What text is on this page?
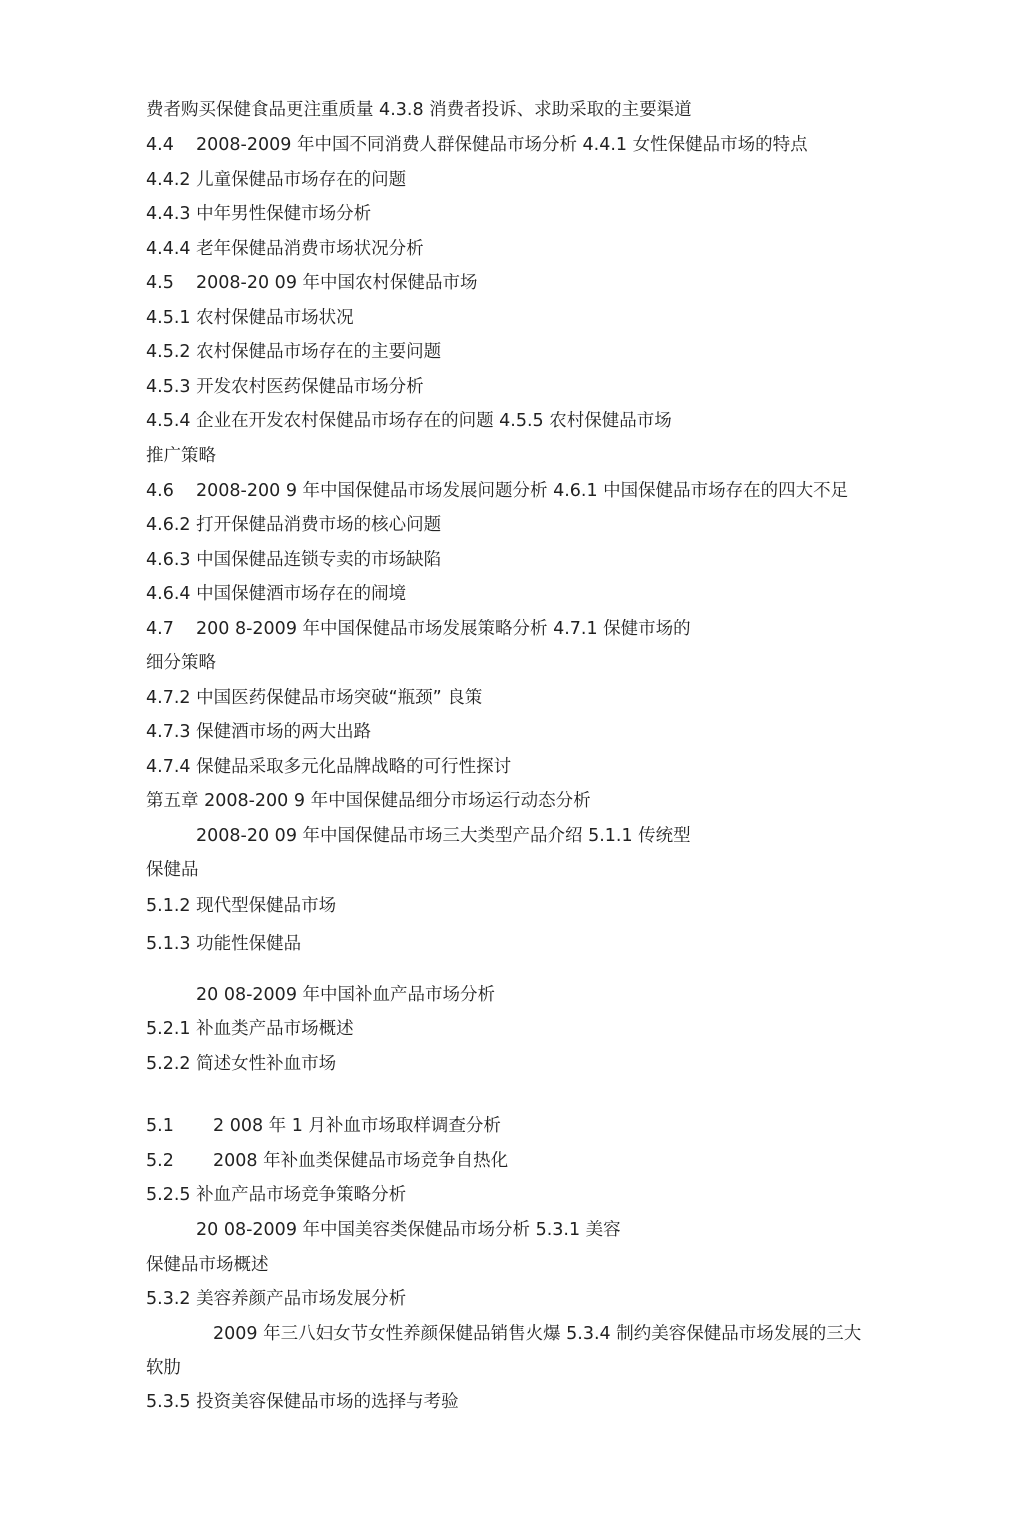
费者购买保健食品更注重质量 4.3.8 消费者投诉、求助采取的主要渠道
4.4 2008-2009 年中国不同消费人群保健品市场分析 4.4.1 女性保健品市场的特点
4.4.2 儿童保健品市场存在的问题
4.4.3 中年男性保健市场分析
4.4.4 老年保健品消费市场状况分析
4.5 2008-20 09 年中国农村保健品市场
4.5.1 农村保健品市场状况
4.5.2 农村保健品市场存在的主要问题
4.5.3 开发农村医药保健品市场分析
4.5.4 企业在开发农村保健品市场存在的问题 4.5.5 农村保健品市场
推广策略
4.6 2008-200 9 年中国保健品市场发展问题分析 4.6.1 中国保健品市场存在的四大不足
4.6.2 打开保健品消费市场的核心问题
4.6.3 中国保健品连锁专卖的市场缺陷
4.6.4 中国保健酒市场存在的闹境
4.7 200 8-2009 年中国保健品市场发展策略分析 4.7.1 保健市场的
细分策略
4.7.2 中国医药保健品市场突破“瓶颈” 良策
4.7.3 保健酒市场的两大出路
4.7.4 保健品采取多元化品牌战略的可行性探讨
第五章 2008-200 9 年中国保健品细分市场运行动态分析
2008-20 09 年中国保健品市场三大类型产品介绍 5.1.1 传统型
保健品
5.1.2 现代型保健品市场
5.1.3 功能性保健品
20 08-2009 年中国补血产品市场分析
5.2.1 补血类产品市场概述
5.2.2 简述女性补血市场
5.1 2 008 年 1 月补血市场取样调查分析
5.2 2008 年补血类保健品市场竞争自热化
5.2.5 补血产品市场竞争策略分析
20 08-2009 年中国美容类保健品市场分析 5.3.1 美容
保健品市场概述
5.3.2 美容养颜产品市场发展分析
2009 年三八妇女节女性养颜保健品销售火爆 5.3.4 制约美容保健品市场发展的三大
软肋
5.3.5 投资美容保健品市场的选择与考验
